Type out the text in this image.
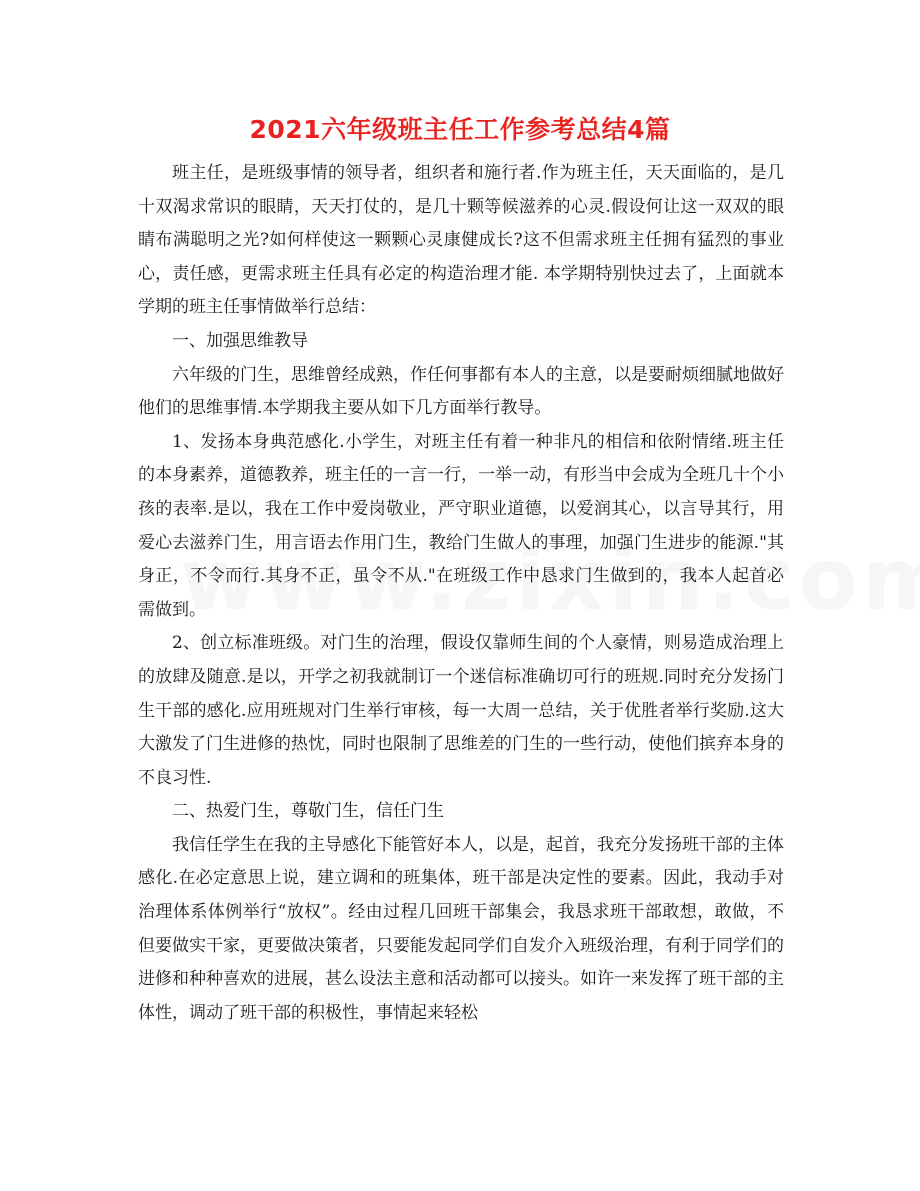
2021六年级班主任工作参考总结4篇

班主任，是班级事情的领导者，组织者和施行者.作为班主任，天天面临的，是几十双渴求常识的眼睛，天天打仗的，是几十颗等候滋养的心灵.假设何让这一双双的眼睛布满聪明之光?如何样使这一颗颗心灵康健成长?这不但需求班主任拥有猛烈的事业心，责任感，更需求班主任具有必定的构造治理才能. 本学期特别快过去了，上面就本学期的班主任事情做举行总结：

一、加强思维教导

六年级的门生，思维曾经成熟，作任何事都有本人的主意，以是要耐烦细腻地做好他们的思维事情.本学期我主要从如下几方面举行教导。

1、发扬本身典范感化.小学生，对班主任有着一种非凡的相信和依附情绪.班主任的本身素养，道德教养，班主任的一言一行，一举一动，有形当中会成为全班几十个小孩的表率.是以，我在工作中爱岗敬业，严守职业道德，以爱润其心，以言导其行，用爱心去滋养门生，用言语去作用门生，教给门生做人的事理，加强门生进步的能源."其身正，不令而行.其身不正，虽令不从."在班级工作中恳求门生做到的，我本人起首必需做到。

2、创立标准班级。对门生的治理，假设仅靠师生间的个人豪情，则易造成治理上的放肆及随意.是以，开学之初我就制订一个迷信标准确切可行的班规.同时充分发扬门生干部的感化.应用班规对门生举行审核，每一大周一总结，关于优胜者举行奖励.这大大激发了门生进修的热忱，同时也限制了思维差的门生的一些行动，使他们摈弃本身的不良习性.

二、热爱门生，尊敬门生，信任门生

我信任学生在我的主导感化下能管好本人，以是，起首，我充分发扬班干部的主体感化.在必定意思上说，建立调和的班集体，班干部是决定性的要素。因此，我动手对治理体系体例举行“放权”。经由过程几回班干部集会，我恳求班干部敢想，敢做，不但要做实干家，更要做决策者，只要能发起同学们自发介入班级治理，有利于同学们的进修和种种喜欢的进展，甚么设法主意和活动都可以接头。如许一来发挥了班干部的主体性，调动了班干部的积极性，事情起来轻松
